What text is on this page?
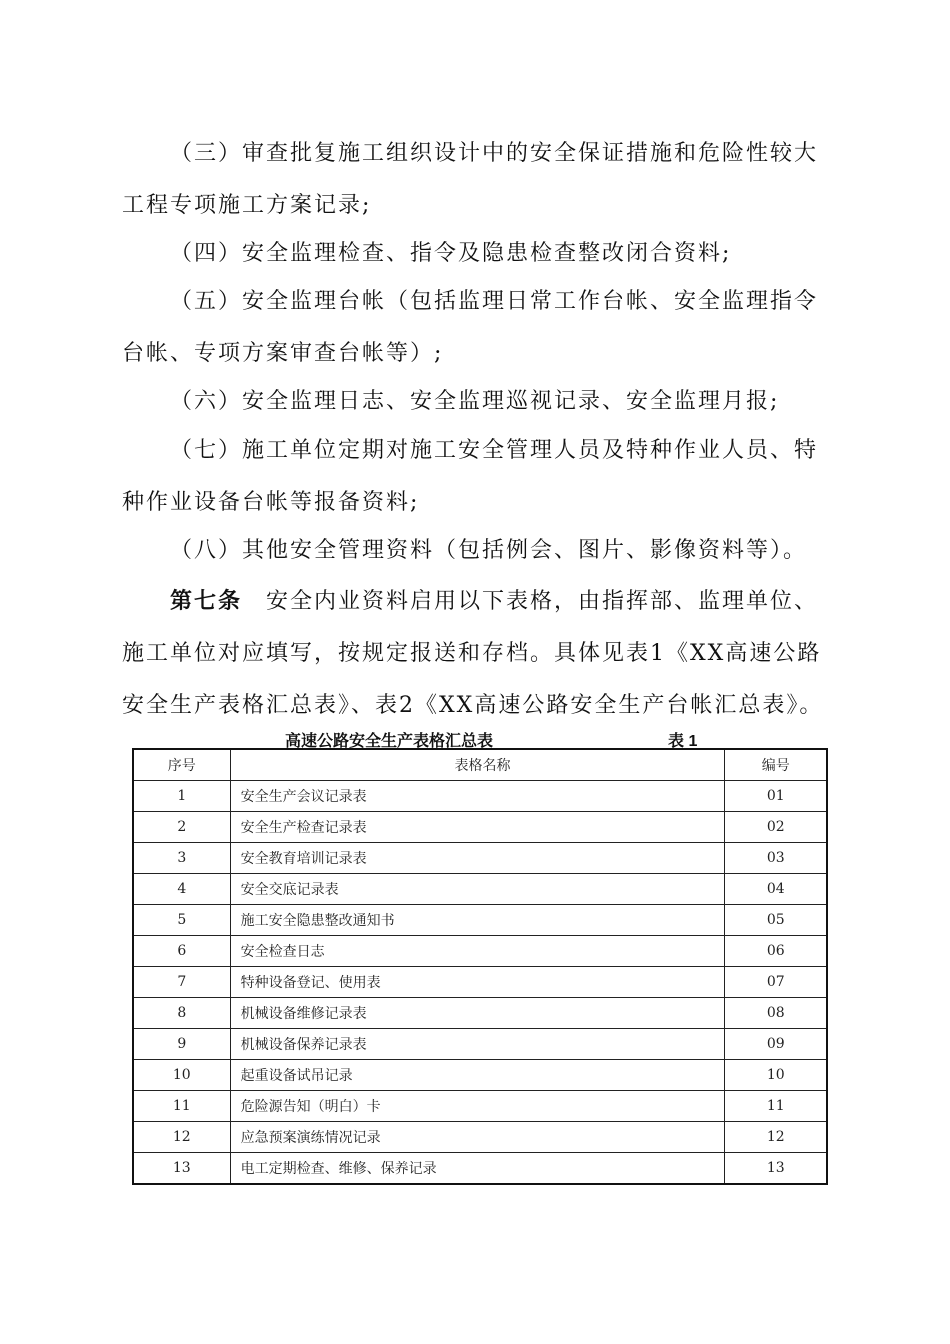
（三）审查批复施工组织设计中的安全保证措施和危险性较大工程专项施工方案记录;

（四）安全监理检查、指令及隐患检查整改闭合资料;

（五）安全监理台帐（包括监理日常工作台帐、安全监理指令台帐、专项方案审查台帐等）;

（六）安全监理日志、安全监理巡视记录、安全监理月报;

（七）施工单位定期对施工安全管理人员及特种作业人员、特种作业设备台帐等报备资料;

（八）其他安全管理资料（包括例会、图片、影像资料等）。

第七条　安全内业资料启用以下表格，由指挥部、监理单位、施工单位对应填写，按规定报送和存档。具体见表1《XX高速公路安全生产表格汇总表》、表2《XX高速公路安全生产台帐汇总表》。

高速公路安全生产表格汇总表	表 1
序号	表格名称	编号
1	安全生产会议记录表	01
2	安全生产检查记录表	02
3	安全教育培训记录表	03
4	安全交底记录表	04
5	施工安全隐患整改通知书	05
6	安全检查日志	06
7	特种设备登记、使用表	07
8	机械设备维修记录表	08
9	机械设备保养记录表	09
10	起重设备试吊记录	10
11	危险源告知（明白）卡	11
12	应急预案演练情况记录	12
13	电工定期检查、维修、保养记录	13
